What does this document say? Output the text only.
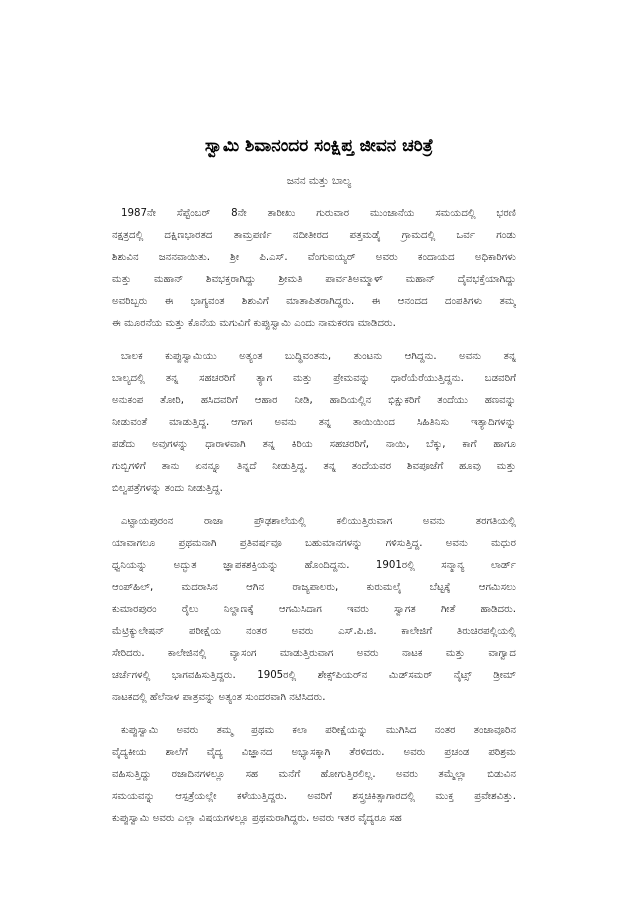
ಸ್ವಾಮಿ ಶಿವಾನಂದರ ಸಂಕ್ಷಿಪ್ತ ಜೀವನ ಚರಿತ್ರೆ
ಜನನ ಮತ್ತು ಬಾಲ್ಯ
1987ನೇ ಸೆಪ್ಟೆಂಬರ್ 8ನೇ ತಾರೀಖು ಗುರುವಾರ ಮುಂಜಾನೆಯ ಸಮಯದಲ್ಲಿ ಭರಣಿ
ನಕ್ಷತ್ರದಲ್ಲಿ ದಕ್ಷಿಣಭಾರತದ ತಾಮ್ರಪರ್ಣಿ ನದೀತೀರದ ಪತ್ತಮಡೈ ಗ್ರಾಮದಲ್ಲಿ ಒರ್ವ ಗಂಡು
ಶಿಶುವಿನ ಜನನವಾಯಿತು. ಶ್ರೀ ಪಿ.ಎಸ್. ವೆಂಗುಐಯ್ಯರ್ ಅವರು ಕಂದಾಯದ ಅಧಿಕಾರಿಗಳು
ಮತ್ತು ಮಹಾನ್ ಶಿವಭಕ್ತರಾಗಿದ್ದು ಶ್ರೀಮತಿ ಪಾರ್ವತಿಅಮ್ಮಾಳ್ ಮಹಾನ್ ದೈವಭಕ್ತೆಯಾಗಿದ್ದು
ಅವರಿಬ್ಬರು ಈ ಭಾಗ್ಯವಂತ ಶಿಶುವಿಗೆ ಮಾತಾಪಿತರಾಗಿದ್ದರು. ಈ ಆನಂದದ ದಂಪತಿಗಳು ತಮ್ಮ
ಈ ಮೂರನೆಯ ಮತ್ತು ಕೊನೆಯ ಮಗುವಿಗೆ ಕುಪ್ಪುಸ್ವಾಮಿ ಎಂದು ನಾಮಕರಣ ಮಾಡಿದರು.
ಬಾಲಕ ಕುಪ್ಪುಸ್ವಾಮಿಯು ಅತ್ಯಂತ ಬುದ್ಧಿವಂತನು, ತುಂಟನು ಆಗಿದ್ದನು. ಅವನು ತನ್ನ
ಬಾಲ್ಯದಲ್ಲಿ ತನ್ನ ಸಹಚರರಿಗೆ ತ್ಯಾಗ ಮತ್ತು ಪ್ರೇಮವನ್ನು ಧಾರೆಯೆರೆಯುತ್ತಿದ್ದನು. ಬಡವರಿಗೆ
ಅನುಕಂಪ ತೋರಿ, ಹಸಿದವರಿಗೆ ಆಹಾರ ನೀಡಿ, ಹಾದಿಯಲ್ಲಿನ ಭಿಕ್ಷುಕರಿಗೆ ತಂದೆಯು ಹಣವನ್ನು
ನೀಡುವಂತೆ ಮಾಡುತ್ತಿದ್ದ. ಆಗಾಗ ಅವನು ತನ್ನ ತಾಯಿಯಿಂದ ಸಿಹಿತಿನಿಸು ಇತ್ಯಾದಿಗಳನ್ನು
ಪಡೆದು ಅವುಗಳನ್ನು ಧಾರಾಳವಾಗಿ ತನ್ನ ಕಿರಿಯ ಸಹಚರರಿಗೆ, ನಾಯಿ, ಬೆಕ್ಕು, ಕಾಗೆ ಹಾಗೂ
ಗುಬ್ಬಿಗಳಿಗೆ ತಾನು ಏನನ್ನೂ ತಿನ್ನದೆ ನೀಡುತ್ತಿದ್ದ. ತನ್ನ ತಂದೆಯವರ ಶಿವಪೂಜೆಗೆ ಹೂವು ಮತ್ತು
ಬಿಲ್ವಪತ್ರೆಗಳನ್ನು ತಂದು ನೀಡುತ್ತಿದ್ದ.
ಎಟ್ಟಾಯಪುರಂನ ರಾಜಾ ಪ್ರೌಢಶಾಲೆಯಲ್ಲಿ ಕಲಿಯುತ್ತಿರುವಾಗ ಅವನು ತರಗತಿಯಲ್ಲಿ
ಯಾವಾಗಲೂ ಪ್ರಥಮನಾಗಿ ಪ್ರತಿವರ್ಷವೂ ಬಹುಮಾನಗಳನ್ನು ಗಳಿಸುತ್ತಿದ್ದ. ಅವನು ಮಧುರ
ಧ್ವನಿಯನ್ನು ಅದ್ಭುತ ಜ್ಞಾಪಕಶಕ್ತಿಯನ್ನು ಹೊಂದಿದ್ದನು. 1901ರಲ್ಲಿ ಸನ್ಮಾನ್ಯ ಲಾರ್ಡ್
ಆಂಪ್‌ಹಿಲ್, ಮದರಾಸಿನ ಆಗಿನ ರಾಜ್ಯಪಾಲರು, ಕುರುಮಲೈ ಬೆಟ್ಟಕ್ಕೆ ಆಗಮಿಸಲು
ಕುಮಾರಪುರಂ ರೈಲು ನಿಲ್ದಾಣಕ್ಕೆ ಆಗಮಿಸಿದಾಗ ಇವರು ಸ್ವಾಗತ ಗೀತೆ ಹಾಡಿದರು.
ಮೆಟ್ರಿಕ್ಯುಲೇಷನ್ ಪರೀಕ್ಷೆಯ ನಂತರ ಅವರು ಎಸ್.ಪಿ.ಜಿ. ಕಾಲೇಜಿಗೆ ತಿರುಚಿರಪಲ್ಲಿಯಲ್ಲಿ
ಸೇರಿದರು. ಕಾಲೇಜಿನಲ್ಲಿ ವ್ಯಾಸಂಗ ಮಾಡುತ್ತಿರುವಾಗ ಅವರು ನಾಟಕ ಮತ್ತು ವಾಗ್ವಾದ
ಚರ್ಚೆಗಳಲ್ಲಿ ಭಾಗವಹಿಸುತ್ತಿದ್ದರು. 1905ರಲ್ಲಿ ಶೇಕ್ಸ್‌ಪಿಯರ್‌ನ ಮಿಡ್‌ಸಮರ್ ನೈಟ್ಸ್ ಡ್ರೀಮ್
ನಾಟಕದಲ್ಲಿ ಹೆಲೆನಾಳ ಪಾತ್ರವನ್ನು ಅತ್ಯಂತ ಸುಂದರವಾಗಿ ನಟಿಸಿದರು.
ಕುಪ್ಪುಸ್ವಾಮಿ ಅವರು ತಮ್ಮ ಪ್ರಥಮ ಕಲಾ ಪರೀಕ್ಷೆಯನ್ನು ಮುಗಿಸಿದ ನಂತರ ತಂಜಾವೂರಿನ
ವೈದ್ಯಕೀಯ ಶಾಲೆಗೆ ವೈದ್ಯ ವಿಜ್ಞಾನದ ಅಭ್ಯಾಸಕ್ಕಾಗಿ ತೆರಳಿದರು. ಅವರು ಪ್ರಚಂಡ ಪರಿಶ್ರಮ
ವಹಿಸುತ್ತಿದ್ದು ರಜಾದಿನಗಳಲ್ಲೂ ಸಹ ಮನೆಗೆ ಹೋಗುತ್ತಿರಲಿಲ್ಲ. ಅವರು ತಮ್ಮೆಲ್ಲಾ ಬಿಡುವಿನ
ಸಮಯವನ್ನು ಆಸ್ಪತ್ರೆಯಲ್ಲೇ ಕಳೆಯುತ್ತಿದ್ದರು. ಅವರಿಗೆ ಶಸ್ತ್ರಚಿಕಿತ್ಸಾಗಾರದಲ್ಲಿ ಮುಕ್ತ ಪ್ರವೇಶವಿತ್ತು.
ಕುಪ್ಪುಸ್ವಾಮಿ ಅವರು ಎಲ್ಲಾ ವಿಷಯಗಳಲ್ಲೂ ಪ್ರಥಮರಾಗಿದ್ದರು. ಅವರು ಇತರ ವೈದ್ಯರೂ ಸಹ
